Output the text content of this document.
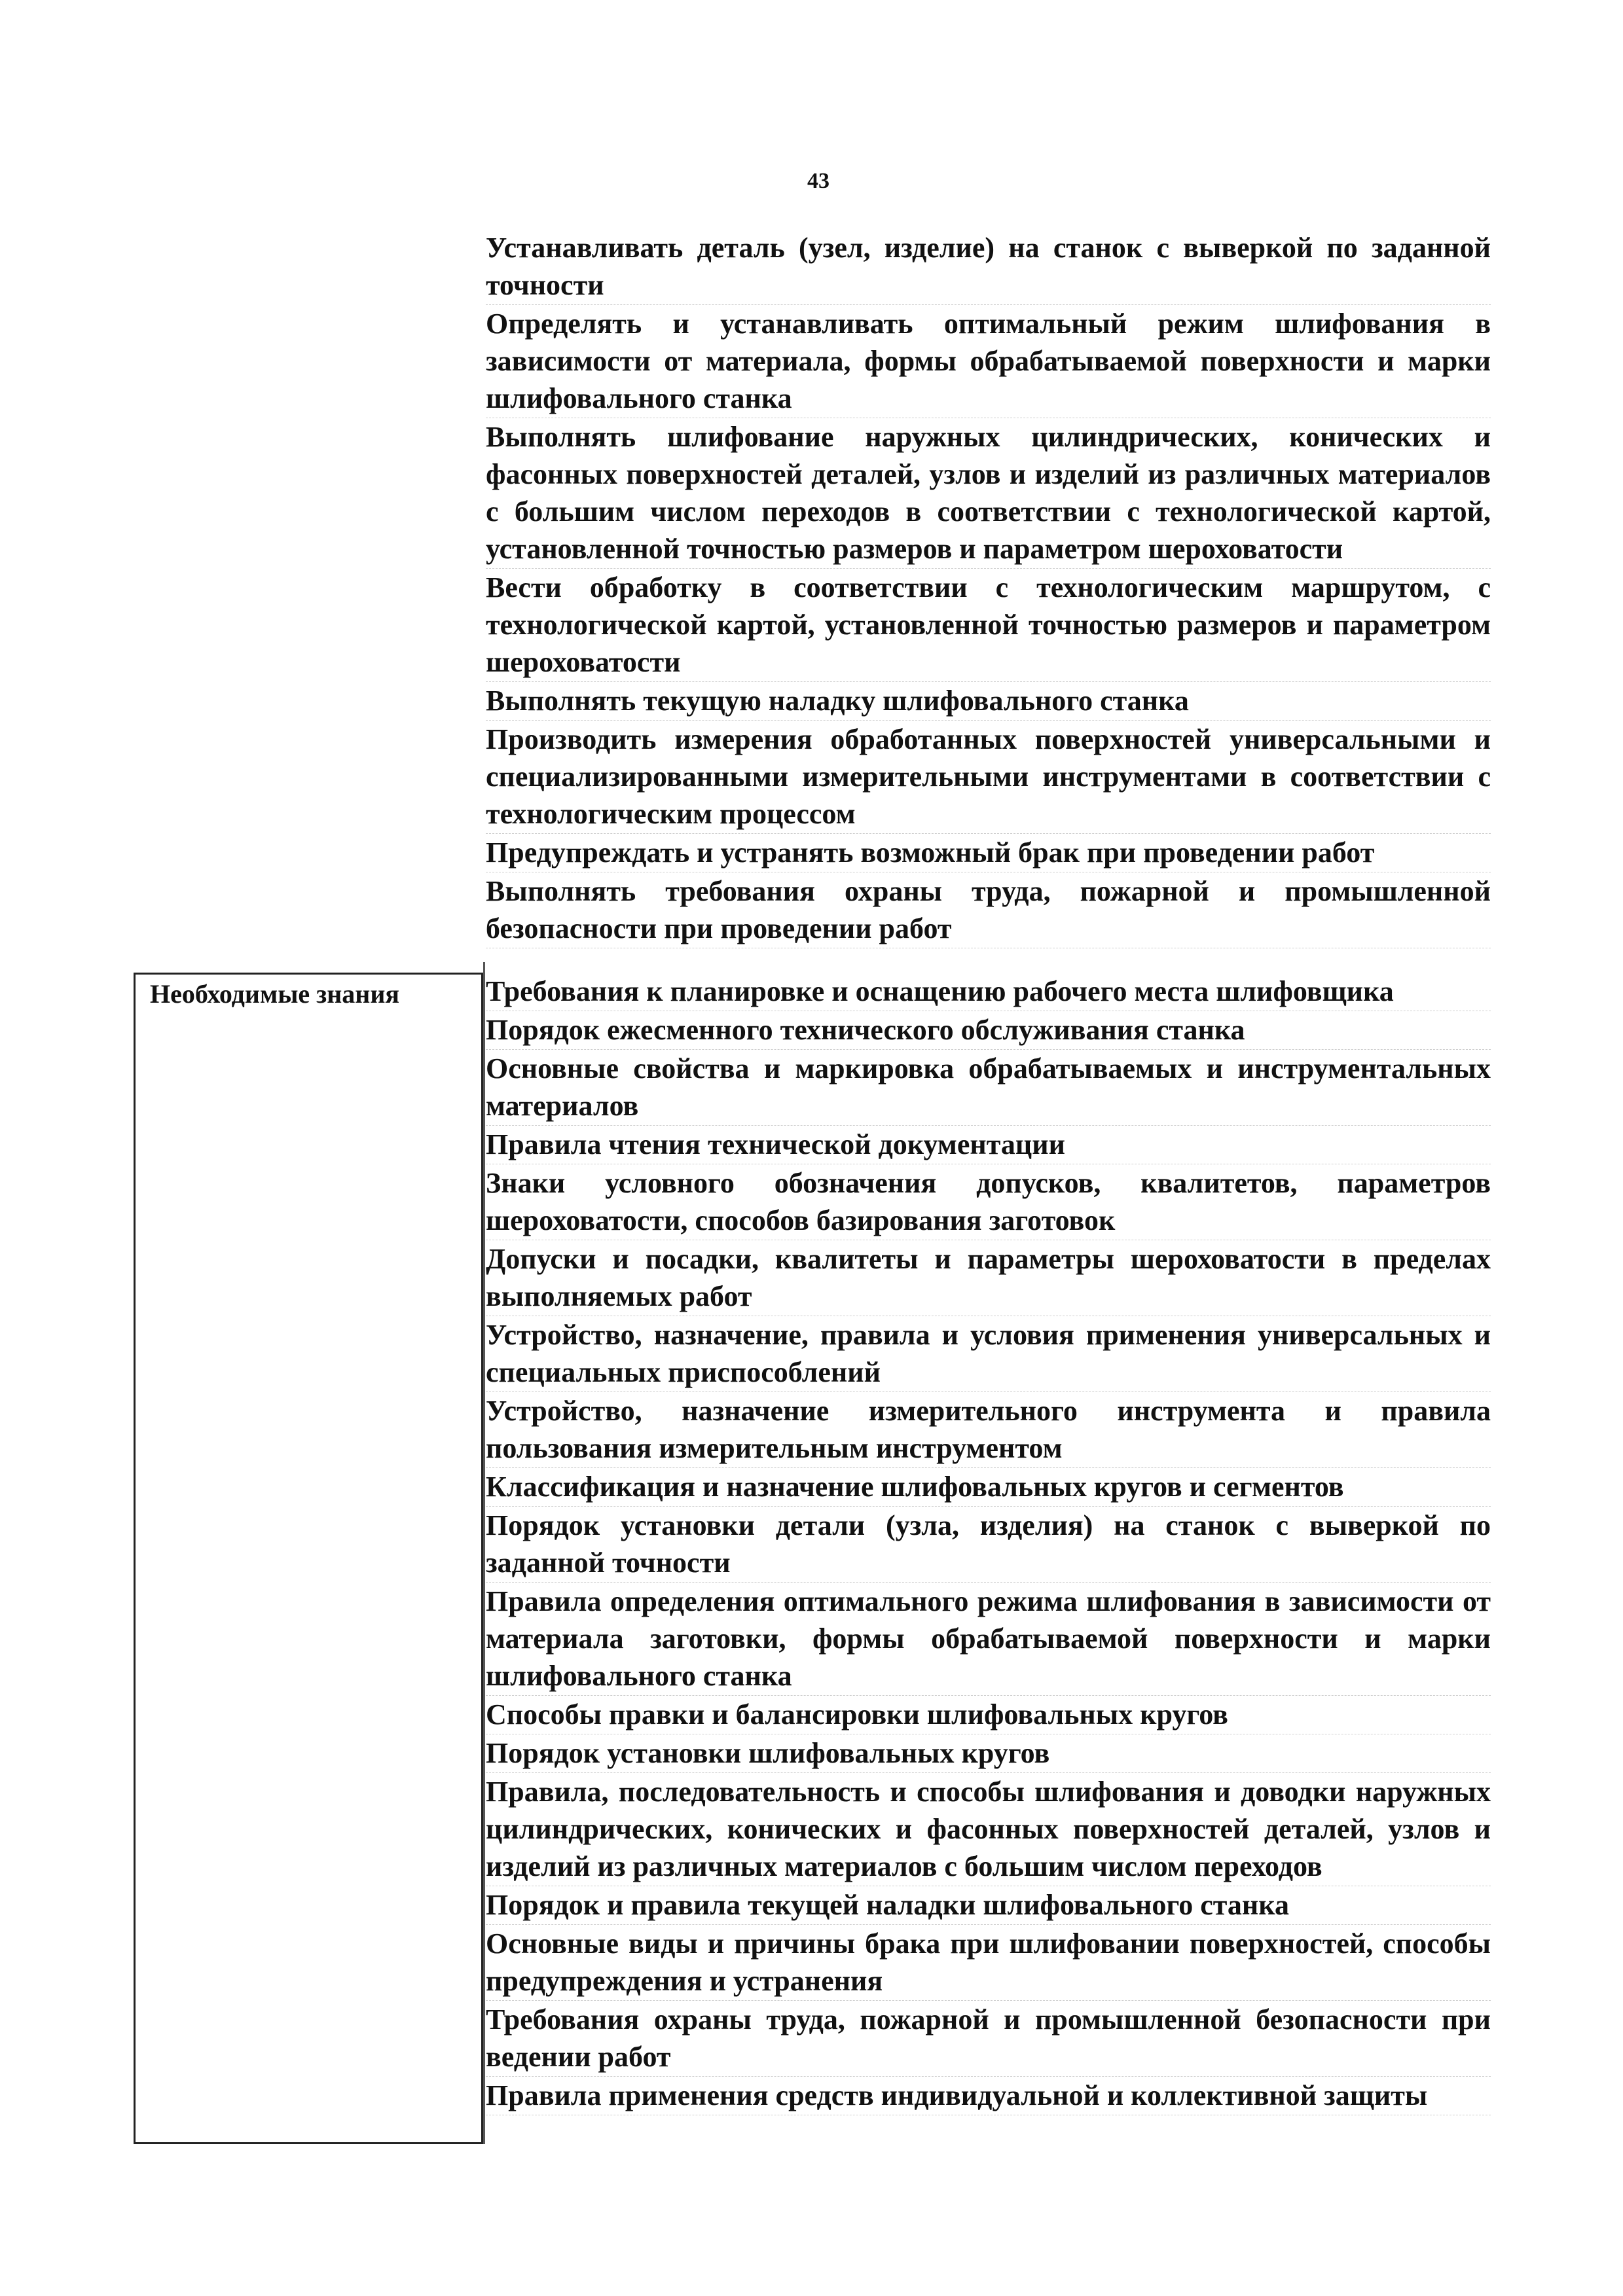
43
Устанавливать деталь (узел, изделие) на станок с выверкой по заданной точности
Определять и устанавливать оптимальный режим шлифования в зависимости от материала, формы обрабатываемой поверхности и марки шлифовального станка
Выполнять шлифование наружных цилиндрических, конических и фасонных поверхностей деталей, узлов и изделий из различных материалов с большим числом переходов в соответствии с технологической картой, установленной точностью размеров и параметром шероховатости
Вести обработку в соответствии с технологическим маршрутом, с технологической картой, установленной точностью размеров и параметром шероховатости
Выполнять текущую наладку шлифовального станка
Производить измерения обработанных поверхностей универсальными и специализированными измерительными инструментами в соответствии с технологическим процессом
Предупреждать и устранять возможный брак при проведении работ
Выполнять требования охраны труда, пожарной и промышленной безопасности при проведении работ
Необходимые знания	Требования к планировке и оснащению рабочего места шлифовщика
Порядок ежесменного технического обслуживания станка
Основные свойства и маркировка обрабатываемых и инструментальных материалов
Правила чтения технической документации
Знаки условного обозначения допусков, квалитетов, параметров шероховатости, способов базирования заготовок
Допуски и посадки, квалитеты и параметры шероховатости в пределах выполняемых работ
Устройство, назначение, правила и условия применения универсальных и специальных приспособлений
Устройство, назначение измерительного инструмента и правила пользования измерительным инструментом
Классификация и назначение шлифовальных кругов и сегментов
Порядок установки детали (узла, изделия) на станок с выверкой по заданной точности
Правила определения оптимального режима шлифования в зависимости от материала заготовки, формы обрабатываемой поверхности и марки шлифовального станка
Способы правки и балансировки шлифовальных кругов
Порядок установки шлифовальных кругов
Правила, последовательность и способы шлифования и доводки наружных цилиндрических, конических и фасонных поверхностей деталей, узлов и изделий из различных материалов с большим числом переходов
Порядок и правила текущей наладки шлифовального станка
Основные виды и причины брака при шлифовании поверхностей, способы предупреждения и устранения
Требования охраны труда, пожарной и промышленной безопасности при ведении работ
Правила применения средств индивидуальной и коллективной защиты
